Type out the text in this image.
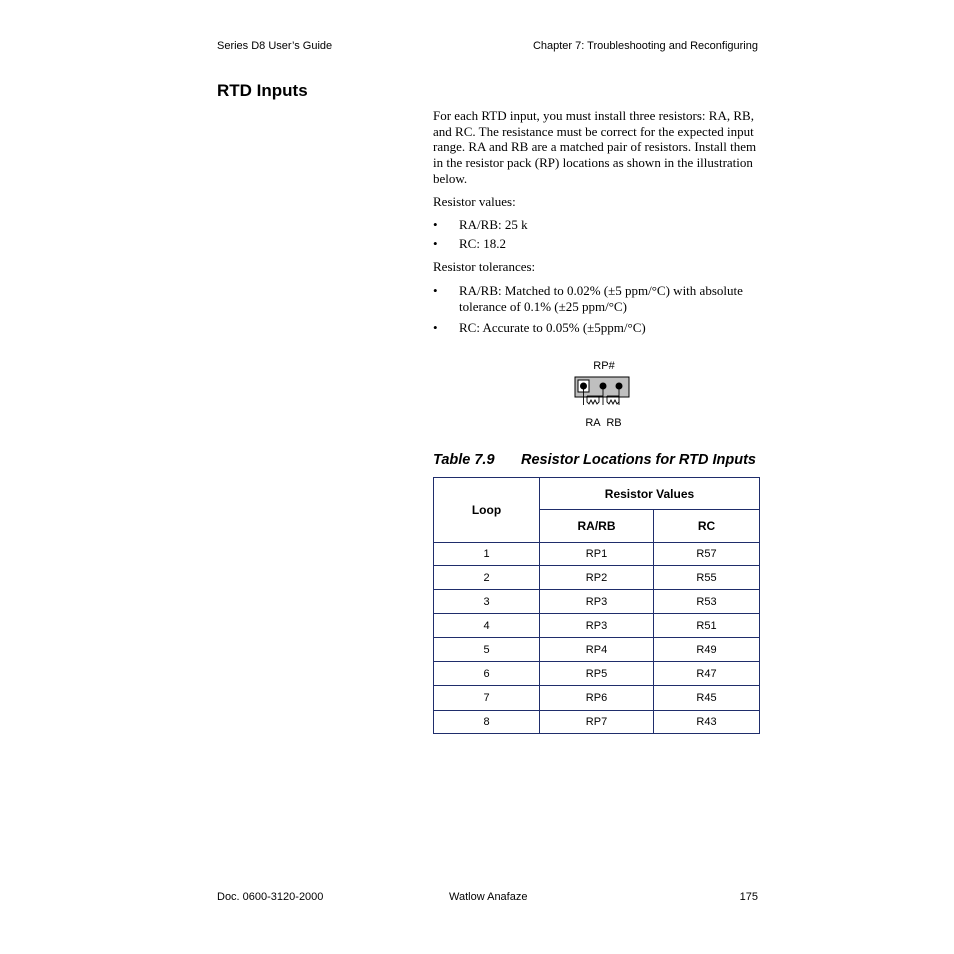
Series D8 User’s Guide	Chapter 7: Troubleshooting and Reconfiguring
RTD Inputs
For each RTD input, you must install three resistors: RA, RB, and RC. The resistance must be correct for the expected input range. RA and RB are a matched pair of resistors. Install them in the resistor pack (RP) locations as shown in the illustration below.
Resistor values:
• RA/RB: 25 k
• RC: 18.2
Resistor tolerances:
• RA/RB: Matched to 0.02% (±5 ppm/°C) with absolute tolerance of 0.1% (±25 ppm/°C)
• RC: Accurate to 0.05% (±5ppm/°C)
RP#
RA RB
Table 7.9 Resistor Locations for RTD Inputs
Loop	Resistor Values	
	RA/RB	RC
1	RP1	R57
2	RP2	R55
3	RP3	R53
4	RP3	R51
5	RP4	R49
6	RP5	R47
7	RP6	R45
8	RP7	R43
Doc. 0600-3120-2000	Watlow Anafaze	175
